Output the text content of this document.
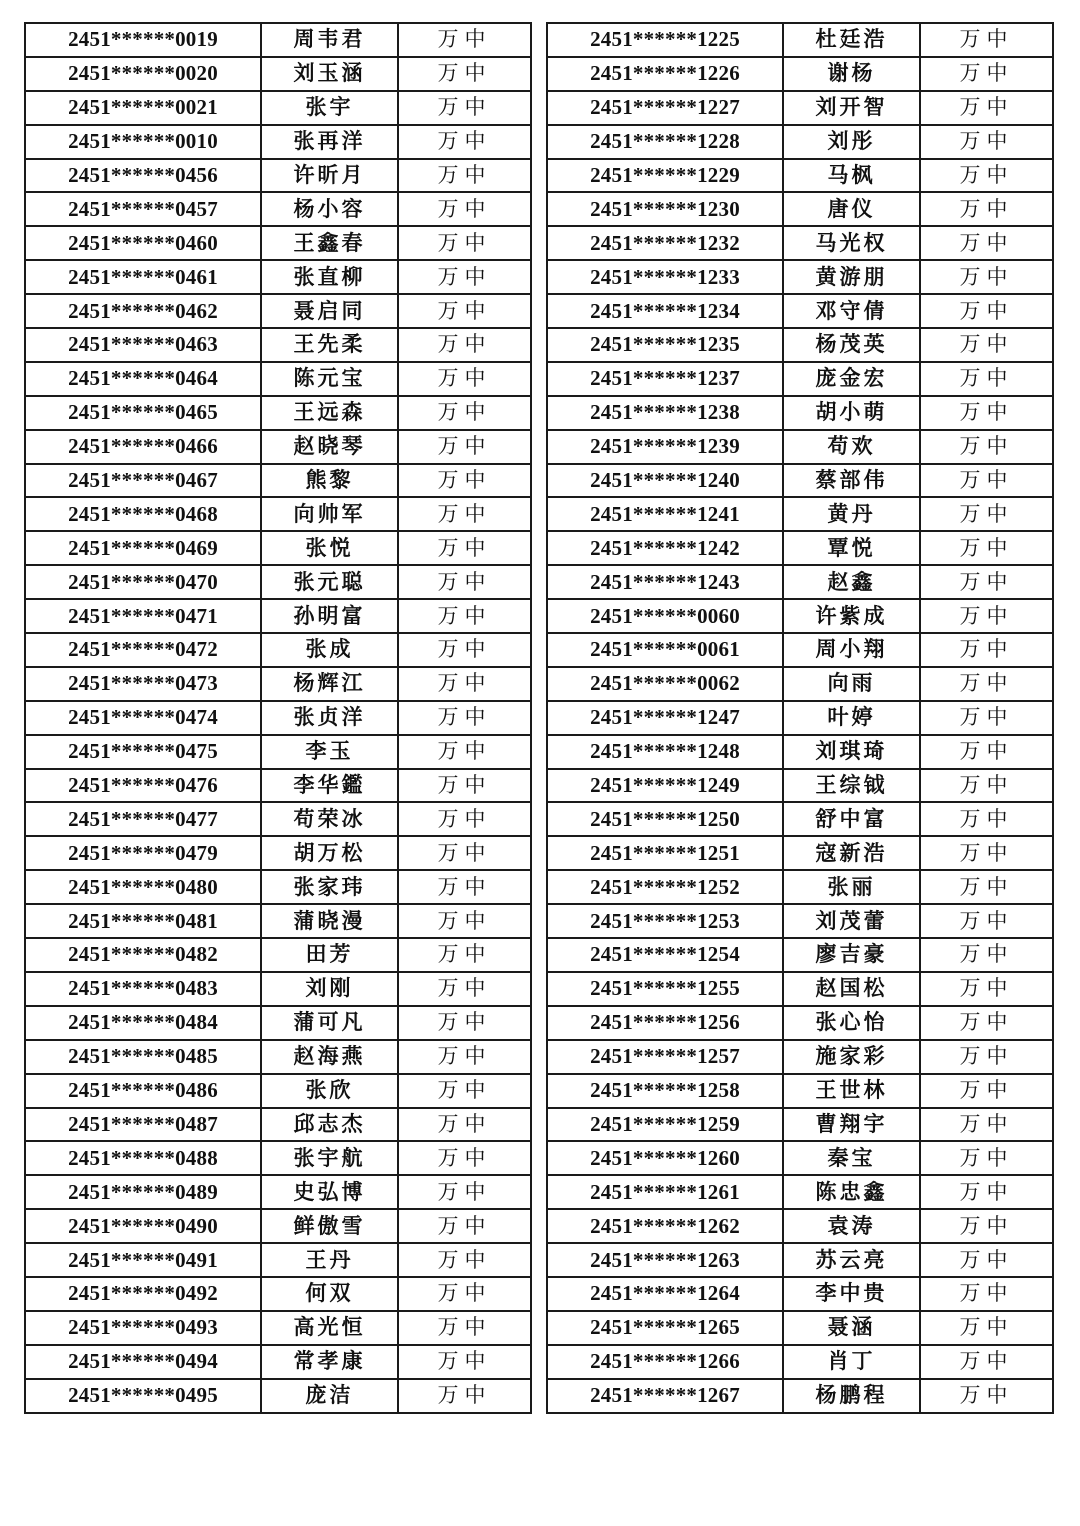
2451******0019	周韦君	万中
2451******0020	刘玉涵	万中
2451******0021	张宇	万中
2451******0010	张再洋	万中
2451******0456	许昕月	万中
2451******0457	杨小容	万中
2451******0460	王鑫春	万中
2451******0461	张直柳	万中
2451******0462	聂启同	万中
2451******0463	王先柔	万中
2451******0464	陈元宝	万中
2451******0465	王远森	万中
2451******0466	赵晓琴	万中
2451******0467	熊黎	万中
2451******0468	向帅军	万中
2451******0469	张悦	万中
2451******0470	张元聪	万中
2451******0471	孙明富	万中
2451******0472	张成	万中
2451******0473	杨辉江	万中
2451******0474	张贞洋	万中
2451******0475	李玉	万中
2451******0476	李华鑑	万中
2451******0477	苟荣冰	万中
2451******0479	胡万松	万中
2451******0480	张家玮	万中
2451******0481	蒲晓漫	万中
2451******0482	田芳	万中
2451******0483	刘刚	万中
2451******0484	蒲可凡	万中
2451******0485	赵海燕	万中
2451******0486	张欣	万中
2451******0487	邱志杰	万中
2451******0488	张宇航	万中
2451******0489	史弘博	万中
2451******0490	鲜傲雪	万中
2451******0491	王丹	万中
2451******0492	何双	万中
2451******0493	高光恒	万中
2451******0494	常孝康	万中
2451******0495	庞洁	万中
2451******1225	杜廷浩	万中
2451******1226	谢杨	万中
2451******1227	刘开智	万中
2451******1228	刘彤	万中
2451******1229	马枫	万中
2451******1230	唐仪	万中
2451******1232	马光权	万中
2451******1233	黄游朋	万中
2451******1234	邓守倩	万中
2451******1235	杨茂英	万中
2451******1237	庞金宏	万中
2451******1238	胡小萌	万中
2451******1239	苟欢	万中
2451******1240	蔡部伟	万中
2451******1241	黄丹	万中
2451******1242	覃悦	万中
2451******1243	赵鑫	万中
2451******0060	许紫成	万中
2451******0061	周小翔	万中
2451******0062	向雨	万中
2451******1247	叶婷	万中
2451******1248	刘琪琦	万中
2451******1249	王综钺	万中
2451******1250	舒中富	万中
2451******1251	寇新浩	万中
2451******1252	张丽	万中
2451******1253	刘茂蕾	万中
2451******1254	廖吉豪	万中
2451******1255	赵国松	万中
2451******1256	张心怡	万中
2451******1257	施家彩	万中
2451******1258	王世林	万中
2451******1259	曹翔宇	万中
2451******1260	秦宝	万中
2451******1261	陈忠鑫	万中
2451******1262	袁涛	万中
2451******1263	苏云亮	万中
2451******1264	李中贵	万中
2451******1265	聂涵	万中
2451******1266	肖丁	万中
2451******1267	杨鹏程	万中
